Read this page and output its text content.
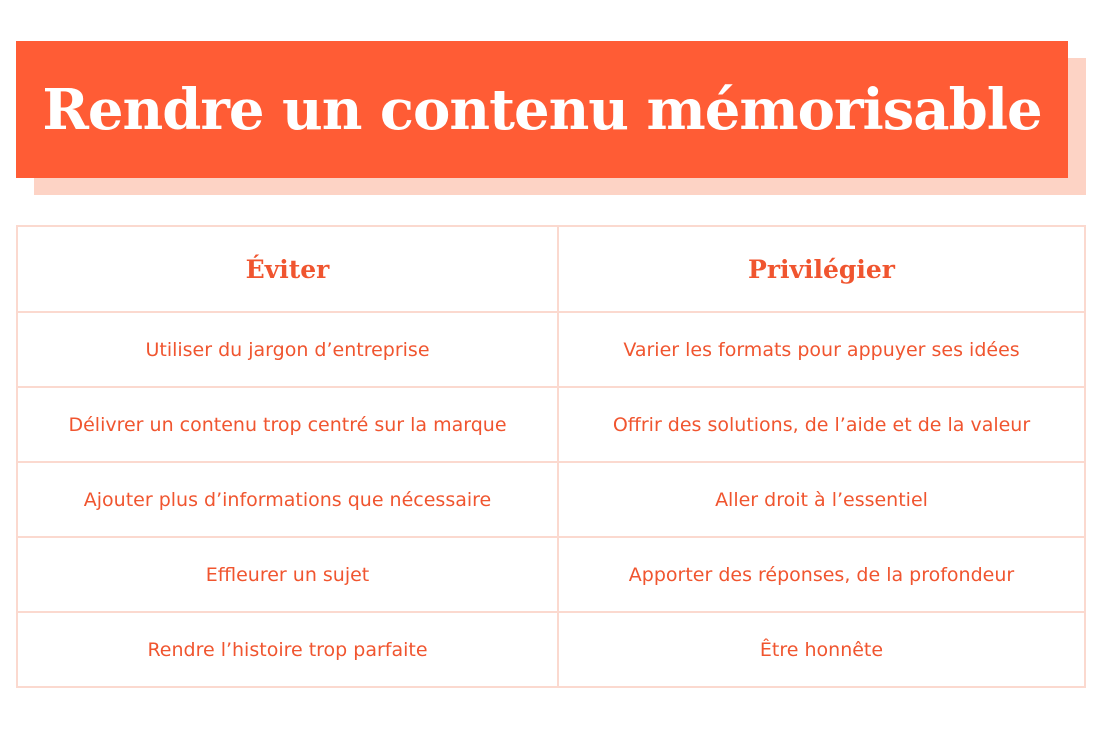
Rendre un contenu mémorisable
Éviter	Privilégier
Utiliser du jargon d’entreprise	Varier les formats pour appuyer ses idées
Délivrer un contenu trop centré sur la marque	Offrir des solutions, de l’aide et de la valeur
Ajouter plus d’informations que nécessaire	Aller droit à l’essentiel
Effleurer un sujet	Apporter des réponses, de la profondeur
Rendre l’histoire trop parfaite	Être honnête
